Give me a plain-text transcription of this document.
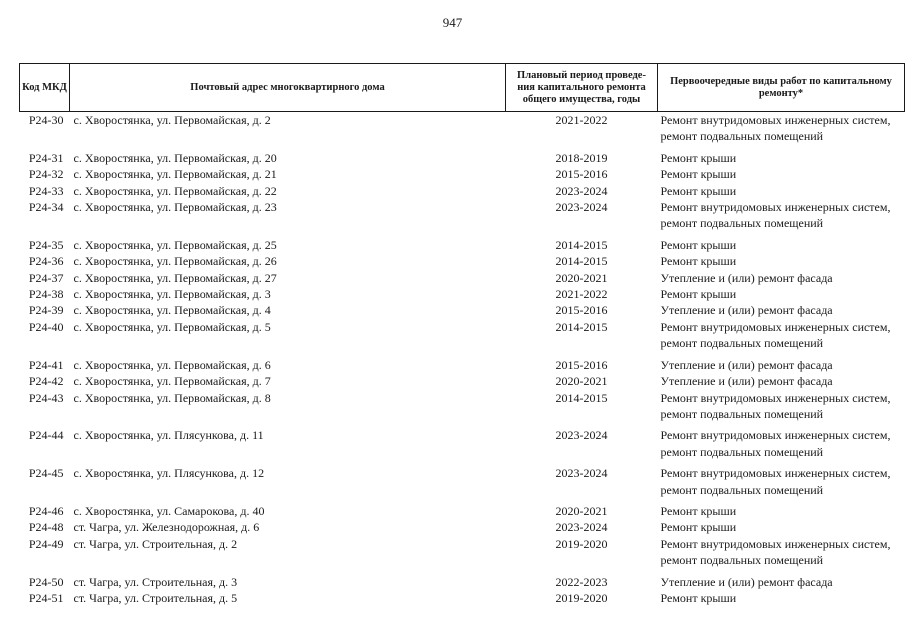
947
Код МКД	Почтовый адрес многоквартирного дома	Плановый период проведе-ния капитального ремонта общего имущества, годы	Первоочередные виды работ по капитальному ремонту*
P24-30	с. Хворостянка, ул. Первомайская, д. 2	2021-2022	Ремонт внутридомовых инженерных систем,
ремонт подвальных помещений

P24-31	с. Хворостянка, ул. Первомайская, д. 20	2018-2019	Ремонт крыши

P24-32	с. Хворостянка, ул. Первомайская, д. 21	2015-2016	Ремонт крыши

P24-33	с. Хворостянка, ул. Первомайская, д. 22	2023-2024	Ремонт крыши

P24-34	с. Хворостянка, ул. Первомайская, д. 23	2023-2024	Ремонт внутридомовых инженерных систем,
ремонт подвальных помещений

P24-35	с. Хворостянка, ул. Первомайская, д. 25	2014-2015	Ремонт крыши

P24-36	с. Хворостянка, ул. Первомайская, д. 26	2014-2015	Ремонт крыши

P24-37	с. Хворостянка, ул. Первомайская, д. 27	2020-2021	Утепление и (или) ремонт фасада

P24-38	с. Хворостянка, ул. Первомайская, д. 3	2021-2022	Ремонт крыши

P24-39	с. Хворостянка, ул. Первомайская, д. 4	2015-2016	Утепление и (или) ремонт фасада

P24-40	с. Хворостянка, ул. Первомайская, д. 5	2014-2015	Ремонт внутридомовых инженерных систем,
ремонт подвальных помещений

P24-41	с. Хворостянка, ул. Первомайская, д. 6	2015-2016	Утепление и (или) ремонт фасада

P24-42	с. Хворостянка, ул. Первомайская, д. 7	2020-2021	Утепление и (или) ремонт фасада

P24-43	с. Хворостянка, ул. Первомайская, д. 8	2014-2015	Ремонт внутридомовых инженерных систем,
ремонт подвальных помещений

P24-44	с. Хворостянка, ул. Плясункова, д. 11	2023-2024	Ремонт внутридомовых инженерных систем,
ремонт подвальных помещений

P24-45	с. Хворостянка, ул. Плясункова, д. 12	2023-2024	Ремонт внутридомовых инженерных систем,
ремонт подвальных помещений

P24-46	с. Хворостянка, ул. Самарокова, д. 40	2020-2021	Ремонт крыши

P24-48	ст. Чагра, ул. Железнодорожная, д. 6	2023-2024	Ремонт крыши

P24-49	ст. Чагра, ул. Строительная, д. 2	2019-2020	Ремонт внутридомовых инженерных систем,
ремонт подвальных помещений

P24-50	ст. Чагра, ул. Строительная, д. 3	2022-2023	Утепление и (или) ремонт фасада

P24-51	ст. Чагра, ул. Строительная, д. 5	2019-2020	Ремонт крыши
